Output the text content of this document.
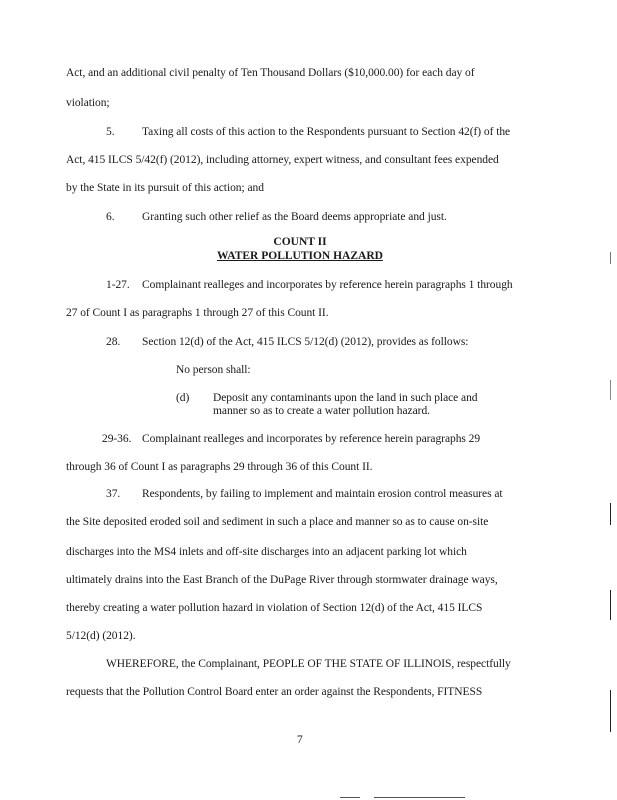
Act, and an additional civil penalty of Ten Thousand Dollars ($10,000.00) for each day of
violation;
5. Taxing all costs of this action to the Respondents pursuant to Section 42(f) of the
Act, 415 ILCS 5/42(f) (2012), including attorney, expert witness, and consultant fees expended
by the State in its pursuit of this action; and
6. Granting such other relief as the Board deems appropriate and just.
COUNT II
WATER POLLUTION HAZARD
1-27. Complainant realleges and incorporates by reference herein paragraphs 1 through
27 of Count I as paragraphs 1 through 27 of this Count II.
28. Section 12(d) of the Act, 415 ILCS 5/12(d) (2012), provides as follows:
No person shall:
(d) Deposit any contaminants upon the land in such place and
manner so as to create a water pollution hazard.
29-36. Complainant realleges and incorporates by reference herein paragraphs 29
through 36 of Count I as paragraphs 29 through 36 of this Count II.
37. Respondents, by failing to implement and maintain erosion control measures at
the Site deposited eroded soil and sediment in such a place and manner so as to cause on-site
discharges into the MS4 inlets and off-site discharges into an adjacent parking lot which
ultimately drains into the East Branch of the DuPage River through stormwater drainage ways,
thereby creating a water pollution hazard in violation of Section 12(d) of the Act, 415 ILCS
5/12(d) (2012).
WHEREFORE, the Complainant, PEOPLE OF THE STATE OF ILLINOIS, respectfully
requests that the Pollution Control Board enter an order against the Respondents, FITNESS
7
